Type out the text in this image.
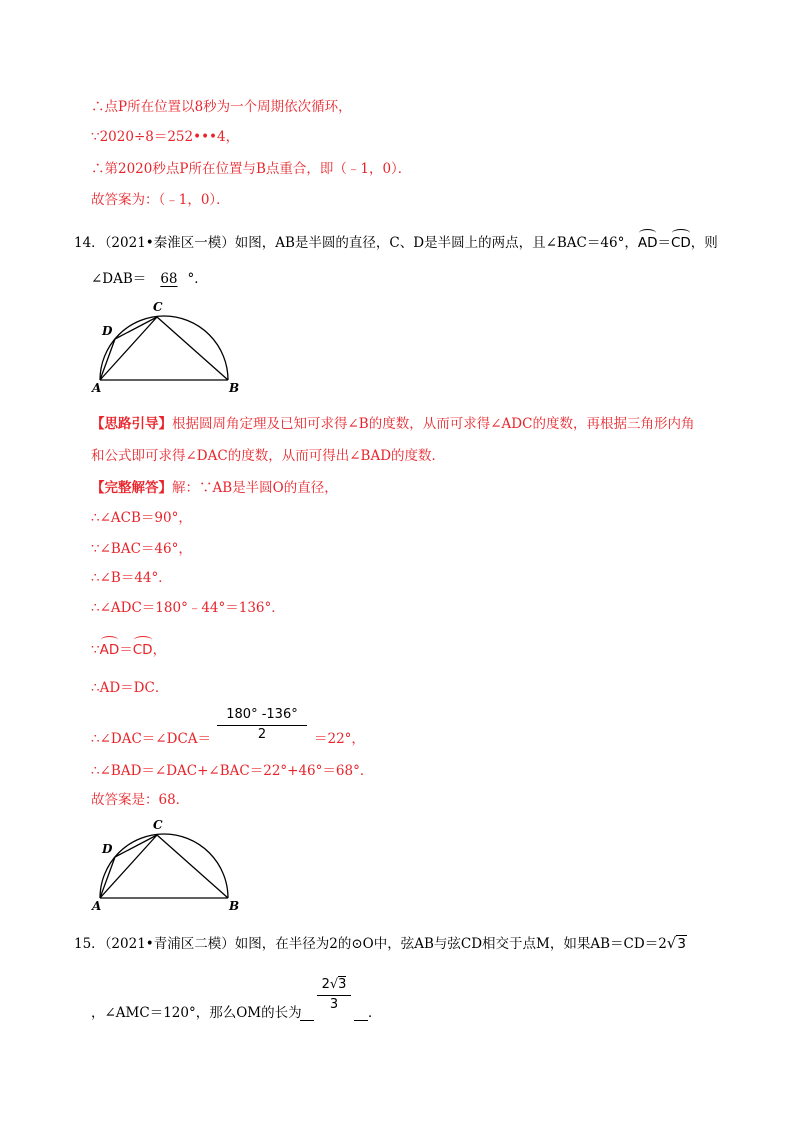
∴点P所在位置以8秒为一个周期依次循环，
∵2020÷8＝252•••4，
∴第2020秒点P所在位置与B点重合，即（﹣1，0）．
故答案为：（﹣1，0）．
14．（2021•秦淮区一模）如图，AB是半圆的直径，C、D是半圆上的两点，且∠BAC＝46°，AD＝CD，则
∠DAB＝ 68 °．
A	B
C
D
【思路引导】根据圆周角定理及已知可求得∠B的度数，从而可求得∠ADC的度数，再根据三角形内角
和公式即可求得∠DAC的度数，从而可得出∠BAD的度数．
【完整解答】解：∵AB是半圆O的直径，
∴∠ACB＝90°，
∵∠BAC＝46°，
∴∠B＝44°．
∴∠ADC＝180°﹣44°＝136°．
∵AD＝CD，
∴AD＝DC．
∴∠DAC＝∠DCA＝
180° -136°
2	＝22°，
∴∠BAD＝∠DAC+∠BAC＝22°+46°＝68°．
故答案是：68．
A	B
C
D
15．（2021•青浦区二模）如图，在半径为2的⊙O中，弦AB与弦CD相交于点M，如果AB＝CD＝2√3
，∠AMC＝120°，那么OM的长为
2√3
3
．
